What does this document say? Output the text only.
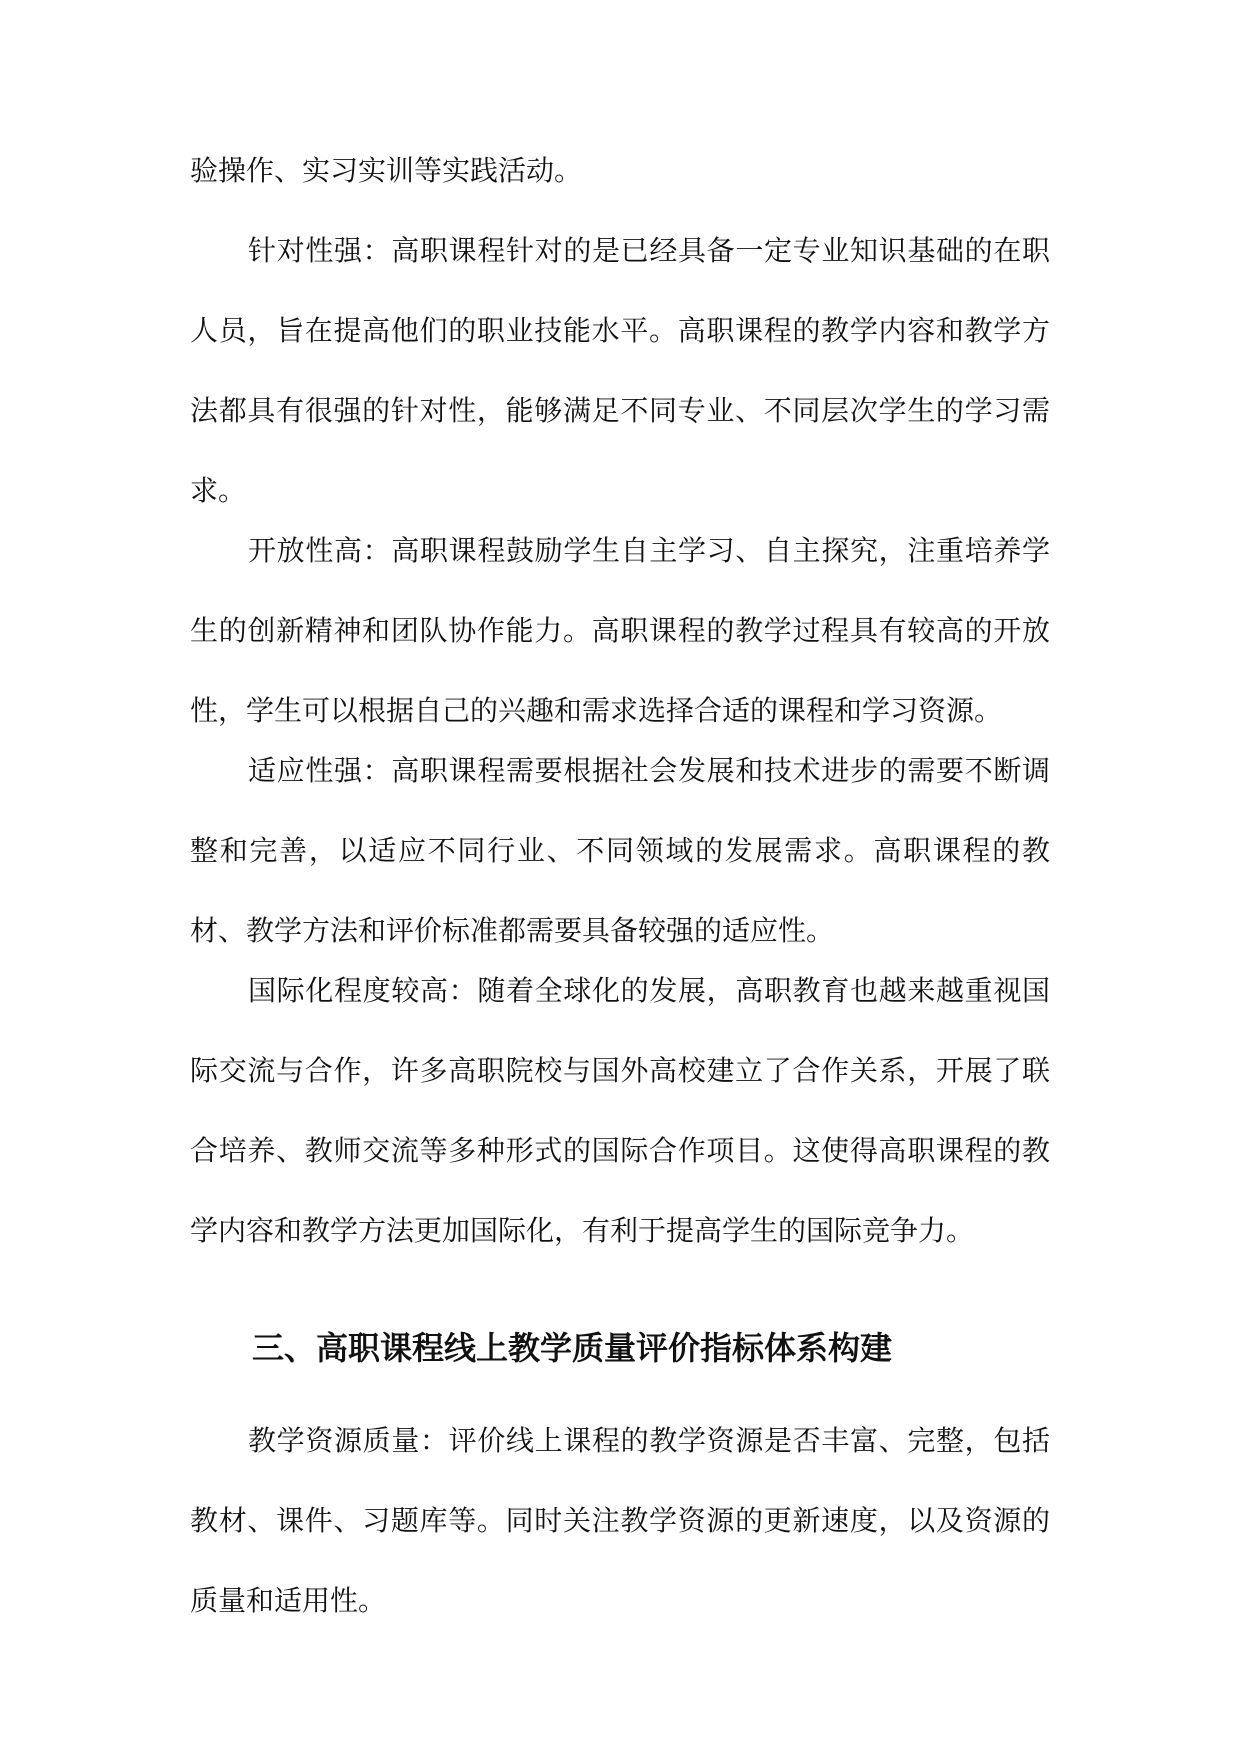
验操作、实习实训等实践活动。

针对性强：高职课程针对的是已经具备一定专业知识基础的在职人员，旨在提高他们的职业技能水平。高职课程的教学内容和教学方法都具有很强的针对性，能够满足不同专业、不同层次学生的学习需求。

开放性高：高职课程鼓励学生自主学习、自主探究，注重培养学生的创新精神和团队协作能力。高职课程的教学过程具有较高的开放性，学生可以根据自己的兴趣和需求选择合适的课程和学习资源。

适应性强：高职课程需要根据社会发展和技术进步的需要不断调整和完善，以适应不同行业、不同领域的发展需求。高职课程的教材、教学方法和评价标准都需要具备较强的适应性。

国际化程度较高：随着全球化的发展，高职教育也越来越重视国际交流与合作，许多高职院校与国外高校建立了合作关系，开展了联合培养、教师交流等多种形式的国际合作项目。这使得高职课程的教学内容和教学方法更加国际化，有利于提高学生的国际竞争力。

三、高职课程线上教学质量评价指标体系构建

教学资源质量：评价线上课程的教学资源是否丰富、完整，包括教材、课件、习题库等。同时关注教学资源的更新速度，以及资源的质量和适用性。
